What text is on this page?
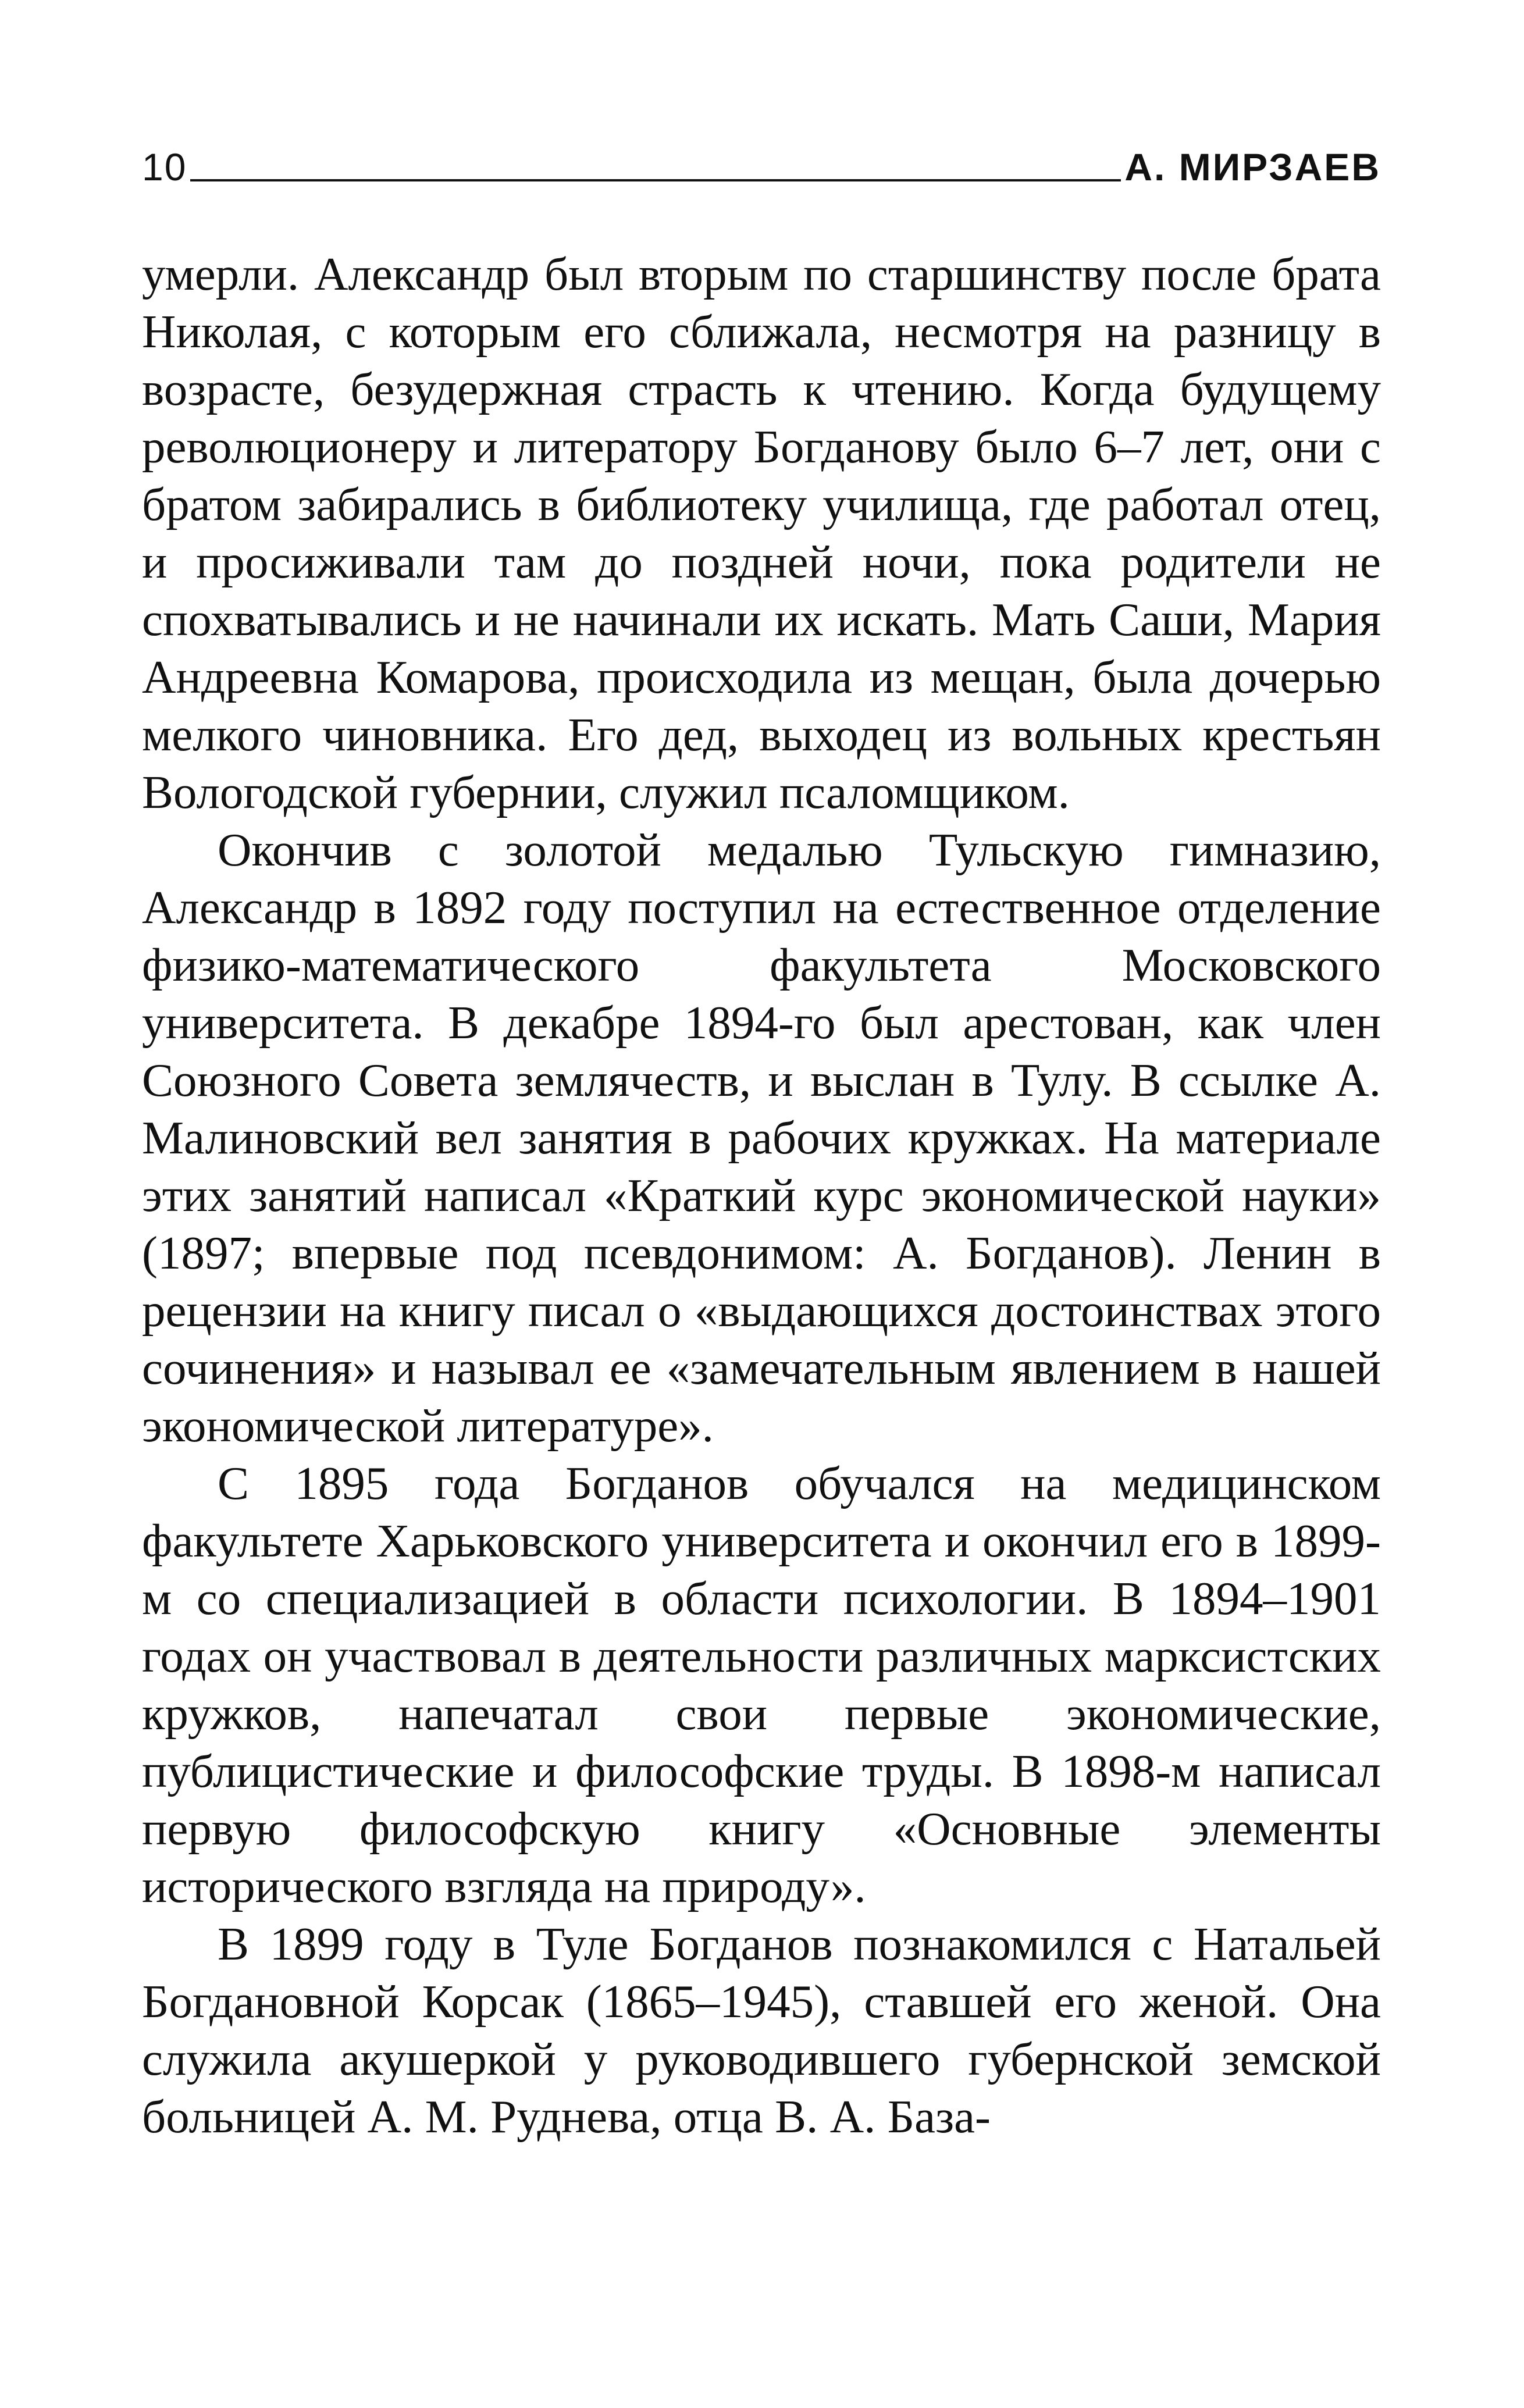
10	А. МИРЗАЕВ

умерли. Александр был вторым по старшинству после брата Николая, с которым его сближала, несмотря на разницу в возрасте, безудержная страсть к чтению. Когда будущему революционеру и литератору Богданову было 6–7 лет, они с братом забирались в библиотеку училища, где работал отец, и просиживали там до поздней ночи, пока родители не спохватывались и не начинали их искать. Мать Саши, Мария Андреевна Комарова, происходила из мещан, была дочерью мелкого чиновника. Его дед, выходец из вольных крестьян Вологодской губернии, служил псаломщиком.

Окончив с золотой медалью Тульскую гимназию, Александр в 1892 году поступил на естественное отделение физико-математического факультета Московского университета. В декабре 1894-го был арестован, как член Союзного Совета землячеств, и выслан в Тулу. В ссылке А. Малиновский вел занятия в рабочих кружках. На материале этих занятий написал «Краткий курс экономической науки» (1897; впервые под псевдонимом: А. Богданов). Ленин в рецензии на книгу писал о «выдающихся достоинствах этого сочинения» и называл ее «замечательным явлением в нашей экономической литературе».

С 1895 года Богданов обучался на медицинском факультете Харьковского университета и окончил его в 1899-м со специализацией в области психологии. В 1894–1901 годах он участвовал в деятельности различных марксистских кружков, напечатал свои первые экономические, публицистические и философские труды. В 1898-м написал первую философскую книгу «Основные элементы исторического взгляда на природу».

В 1899 году в Туле Богданов познакомился с Натальей Богдановной Корсак (1865–1945), ставшей его женой. Она служила акушеркой у руководившего губернской земской больницей А. М. Руднева, отца В. А. База-
